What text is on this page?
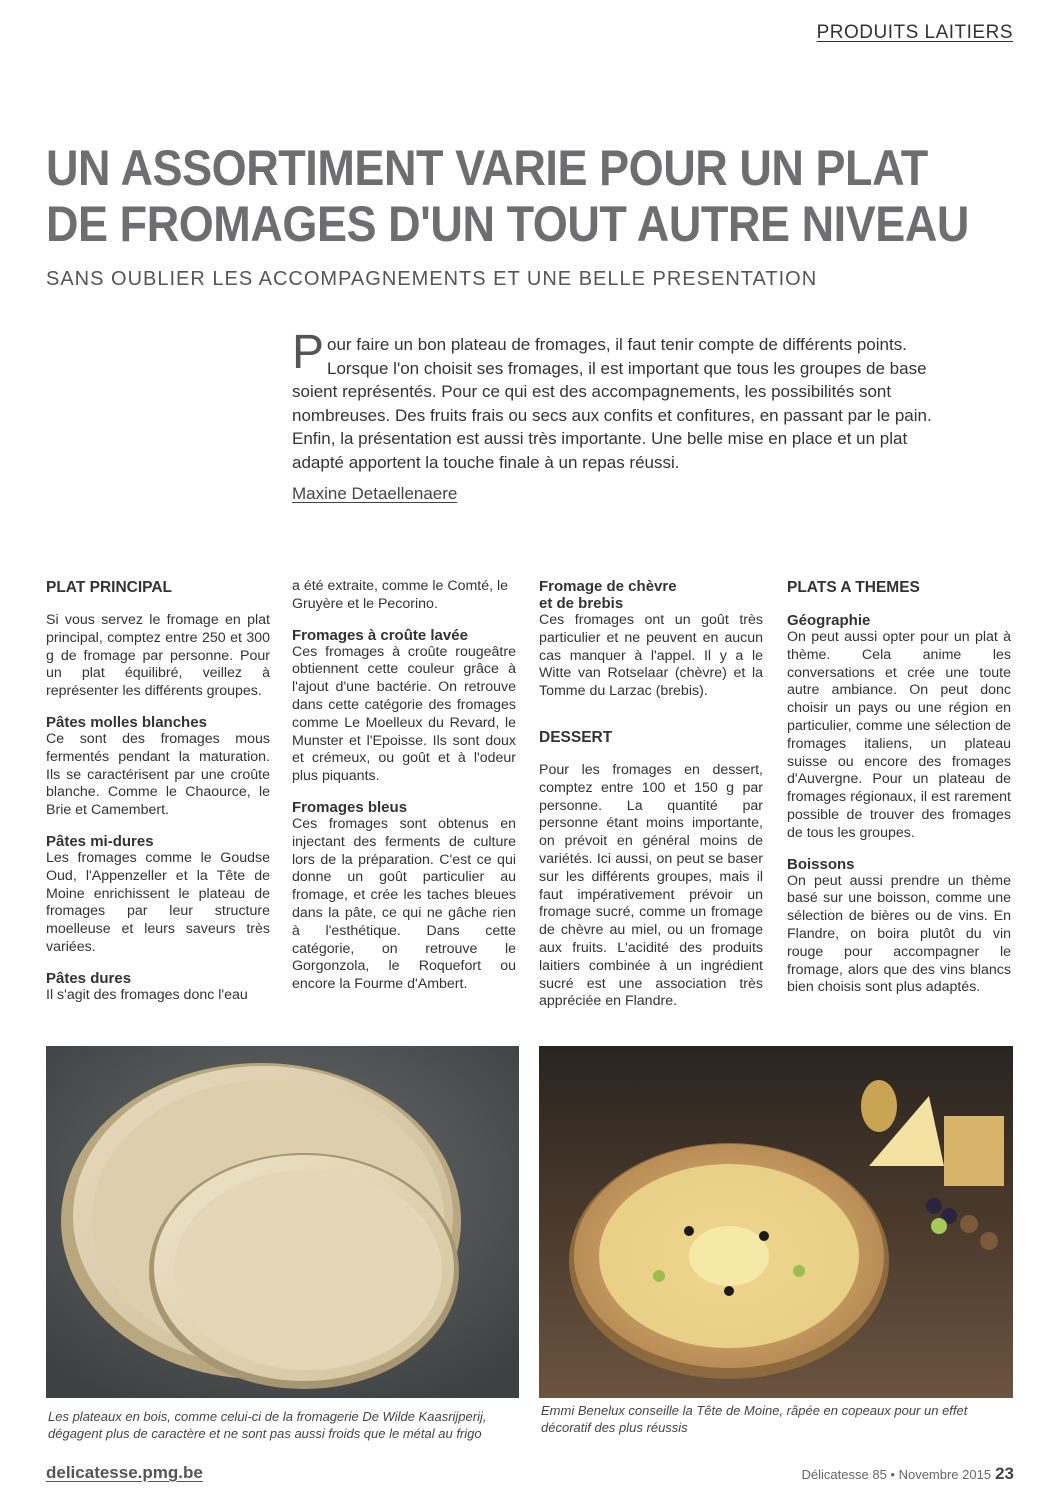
PRODUITS LAITIERS
UN ASSORTIMENT VARIE POUR UN PLAT
DE FROMAGES D'UN TOUT AUTRE NIVEAU
SANS OUBLIER LES ACCOMPAGNEMENTS ET UNE BELLE PRESENTATION
Pour faire un bon plateau de fromages, il faut tenir compte de différents points. Lorsque l'on choisit ses fromages, il est important que tous les groupes de base soient représentés. Pour ce qui est des accompagnements, les possibilités sont nombreuses. Des fruits frais ou secs aux confits et confitures, en passant par le pain. Enfin, la présentation est aussi très importante. Une belle mise en place et un plat adapté apportent la touche finale à un repas réussi.
Maxine Detaellenaere
PLAT PRINCIPAL

Si vous servez le fromage en plat principal, comptez entre 250 et 300 g de fromage par personne. Pour un plat équilibré, veillez à représenter les différents groupes.

Pâtes molles blanches

Ce sont des fromages mous fermentés pendant la maturation. Ils se caractérisent par une croûte blanche. Comme le Chaource, le Brie et Camembert.

Pâtes mi-dures

Les fromages comme le Goudse Oud, l'Appenzeller et la Tête de Moine enrichissent le plateau de fromages par leur structure moelleuse et leurs saveurs très variées.

Pâtes dures

Il s'agit des fromages donc l'eau

a été extraite, comme le Comté, le Gruyère et le Pecorino.

Fromages à croûte lavée

Ces fromages à croûte rougeâtre obtiennent cette couleur grâce à l'ajout d'une bactérie. On retrouve dans cette catégorie des fromages comme Le Moelleux du Revard, le Munster et l'Epoisse. Ils sont doux et crémeux, ou goût et à l'odeur plus piquants.

Fromages bleus

Ces fromages sont obtenus en injectant des ferments de culture lors de la préparation. C'est ce qui donne un goût particulier au fromage, et crée les taches bleues dans la pâte, ce qui ne gâche rien à l'esthétique. Dans cette catégorie, on retrouve le Gorgonzola, le Roquefort ou encore la Fourme d'Ambert.

Fromage de chèvre
et de brebis

Ces fromages ont un goût très particulier et ne peuvent en aucun cas manquer à l'appel. Il y a le Witte van Rotselaar (chèvre) et la Tomme du Larzac (brebis).

DESSERT

Pour les fromages en dessert, comptez entre 100 et 150 g par personne. La quantité par personne étant moins importante, on prévoit en général moins de variétés. Ici aussi, on peut se baser sur les différents groupes, mais il faut impérativement prévoir un fromage sucré, comme un fromage de chèvre au miel, ou un fromage aux fruits. L'acidité des produits laitiers combinée à un ingrédient sucré est une association très appréciée en Flandre.

PLATS A THEMES
Géographie

On peut aussi opter pour un plat à thème. Cela anime les conversations et crée une toute autre ambiance. On peut donc choisir un pays ou une région en particulier, comme une sélection de fromages italiens, un plateau suisse ou encore des fromages d'Auvergne. Pour un plateau de fromages régionaux, il est rarement possible de trouver des fromages de tous les groupes.

Boissons

On peut aussi prendre un thème basé sur une boisson, comme une sélection de bières ou de vins. En Flandre, on boira plutôt du vin rouge pour accompagner le fromage, alors que des vins blancs bien choisis sont plus adaptés.

Les plateaux en bois, comme celui-ci de la fromagerie De Wilde Kaasrijperij, dégagent plus de caractère et ne sont pas aussi froids que le métal au frigo
Emmi Benelux conseille la Tête de Moine, râpée en copeaux pour un effet décoratif des plus réussis
delicatesse.pmg.be	Délicatesse 85 • Novembre 2015 23
